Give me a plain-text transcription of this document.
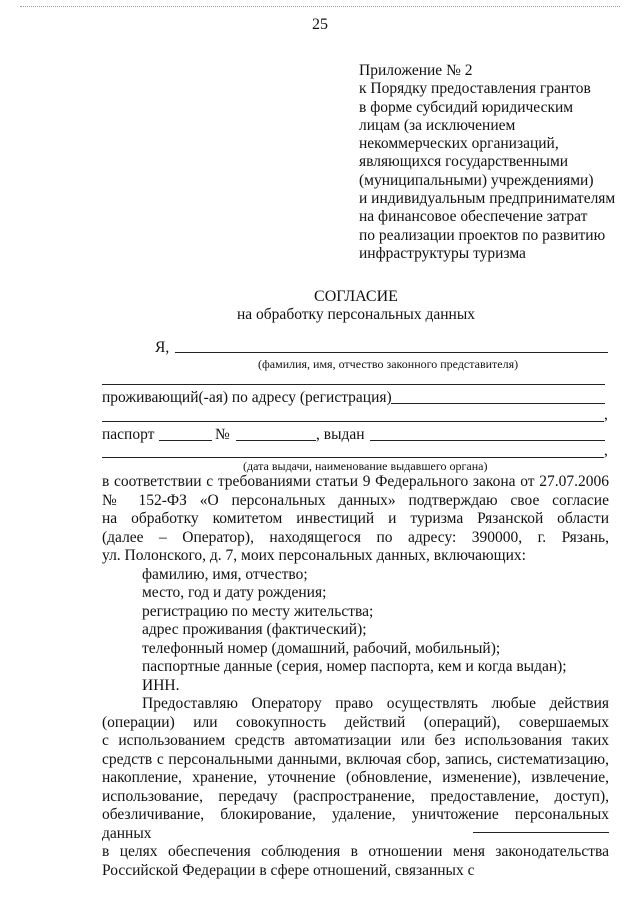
25
Приложение № 2
к Порядку предоставления грантов
в форме субсидий юридическим
лицам (за исключением
некоммерческих организаций,
являющихся государственными
(муниципальными) учреждениями)
и индивидуальным предпринимателям
на финансовое обеспечение затрат
по реализации проектов по развитию
инфраструктуры туризма
СОГЛАСИЕ
на обработку персональных данных
Я,
(фамилия, имя, отчество законного представителя)
проживающий(-ая) по адресу (регистрация)
,
паспорт	№	, выдан
,
(дата выдачи, наименование выдавшего органа)
в соответствии с требованиями статьи 9 Федерального закона от 27.07.2006
№ 152-ФЗ «О персональных данных» подтверждаю свое согласие
на обработку комитетом инвестиций и туризма Рязанской области
(далее – Оператор), находящегося по адресу: 390000, г. Рязань,
ул. Полонского, д. 7, моих персональных данных, включающих:
фамилию, имя, отчество;
место, год и дату рождения;
регистрацию по месту жительства;
адрес проживания (фактический);
телефонный номер (домашний, рабочий, мобильный);
паспортные данные (серия, номер паспорта, кем и когда выдан);
ИНН.
Предоставляю Оператору право осуществлять любые действия
(операции) или совокупность действий (операций), совершаемых
с использованием средств автоматизации или без использования таких
средств с персональными данными, включая сбор, запись, систематизацию,
накопление, хранение, уточнение (обновление, изменение), извлечение,
использование, передачу (распространение, предоставление, доступ),
обезличивание, блокирование, удаление, уничтожение персональных данных
в целях обеспечения соблюдения в отношении меня законодательства
Российской Федерации в сфере отношений, связанных с
